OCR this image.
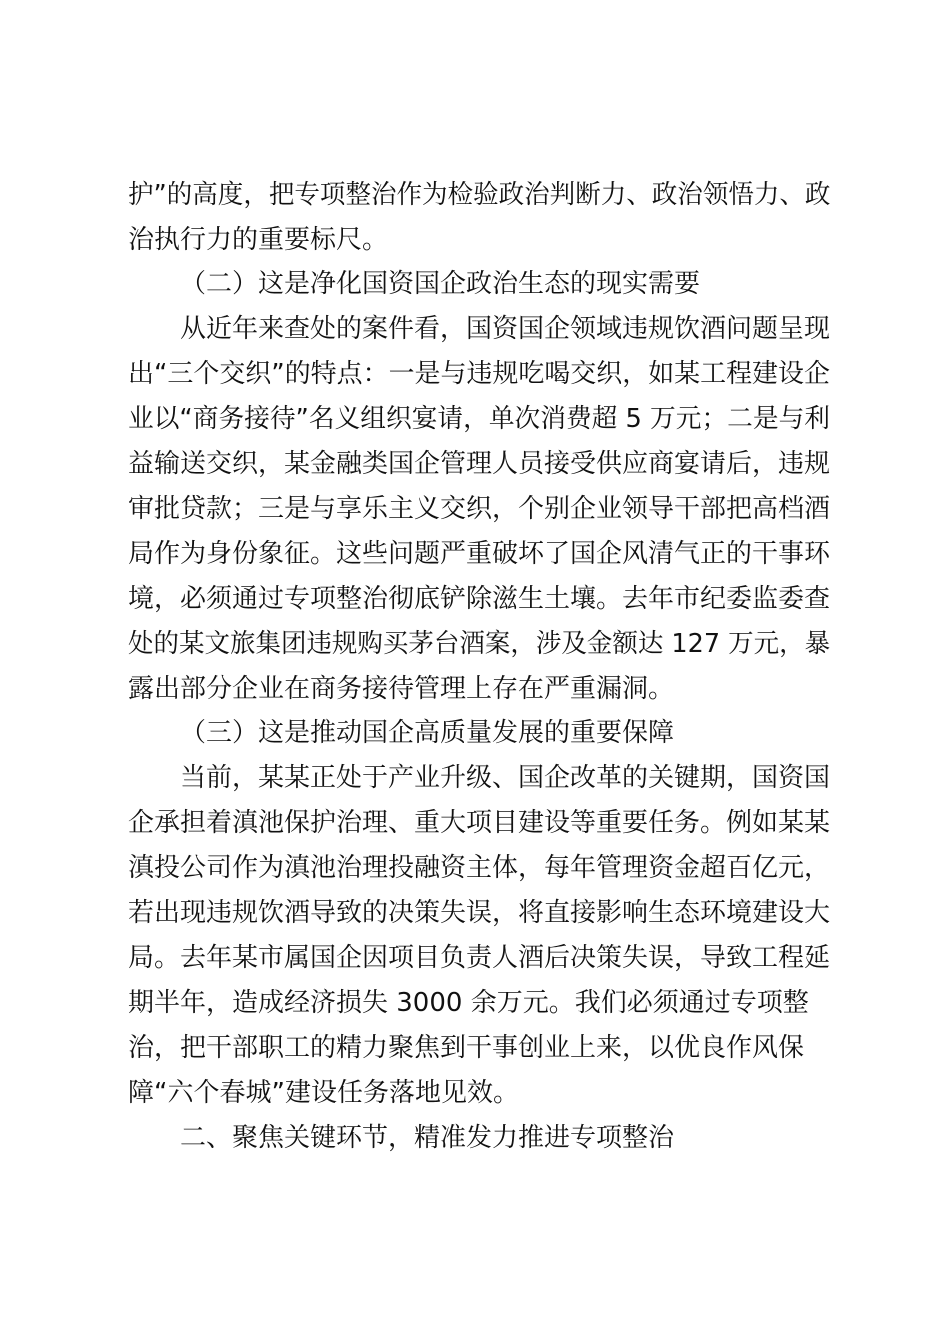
护”的高度，把专项整治作为检验政治判断力、政治领悟力、政
治执行力的重要标尺。
（二）这是净化国资国企政治生态的现实需要
从近年来查处的案件看，国资国企领域违规饮酒问题呈现
出“三个交织”的特点：一是与违规吃喝交织，如某工程建设企
业以“商务接待”名义组织宴请，单次消费超 5 万元；二是与利
益输送交织，某金融类国企管理人员接受供应商宴请后，违规
审批贷款；三是与享乐主义交织，个别企业领导干部把高档酒
局作为身份象征。这些问题严重破坏了国企风清气正的干事环
境，必须通过专项整治彻底铲除滋生土壤。去年市纪委监委查
处的某文旅集团违规购买茅台酒案，涉及金额达 127 万元，暴
露出部分企业在商务接待管理上存在严重漏洞。
（三）这是推动国企高质量发展的重要保障
当前，某某正处于产业升级、国企改革的关键期，国资国
企承担着滇池保护治理、重大项目建设等重要任务。例如某某
滇投公司作为滇池治理投融资主体，每年管理资金超百亿元，
若出现违规饮酒导致的决策失误，将直接影响生态环境建设大
局。去年某市属国企因项目负责人酒后决策失误，导致工程延
期半年，造成经济损失 3000 余万元。我们必须通过专项整
治，把干部职工的精力聚焦到干事创业上来，以优良作风保
障“六个春城”建设任务落地见效。
二、聚焦关键环节，精准发力推进专项整治
